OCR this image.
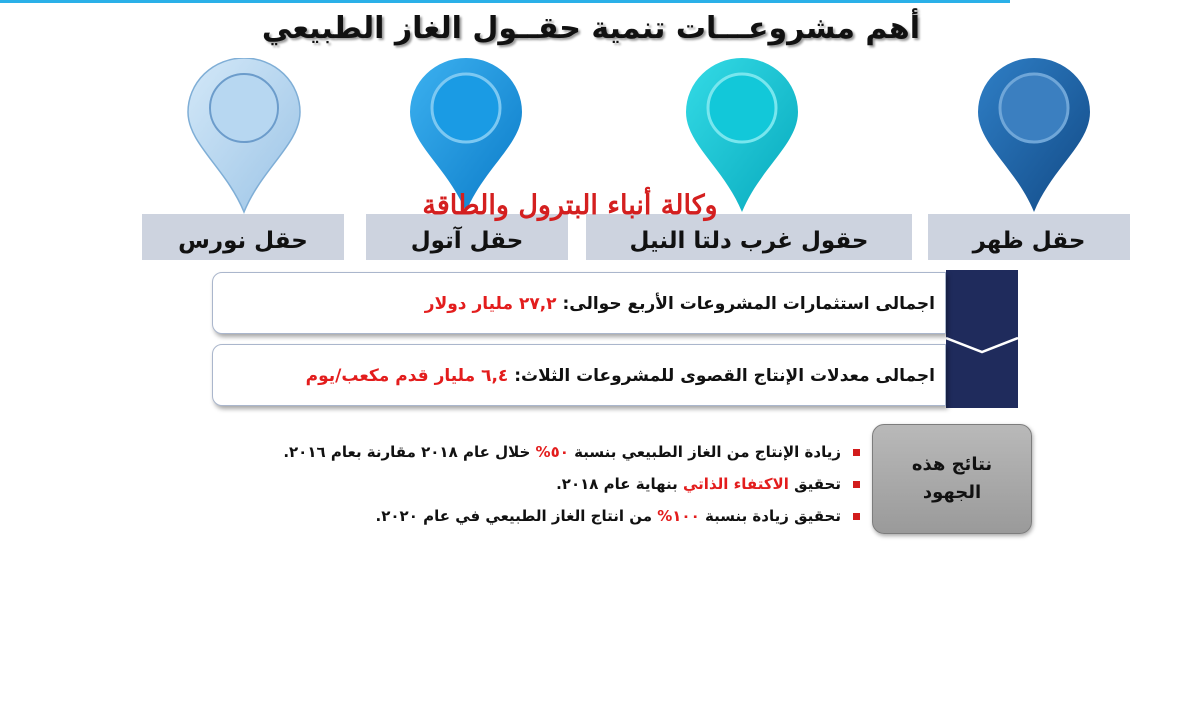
أهم مشروعـــات تنمية حقــول الغاز الطبيعي
حقل ظهر
حقول غرب دلتا النيل
حقل آتول
حقل نورس
وكالة أنباء البترول والطاقة
اجمالى استثمارات المشروعات الأربع حوالى: ٢٧,٢ مليار دولار
اجمالى معدلات الإنتاج القصوى للمشروعات الثلاث: ٦,٤ مليار قدم مكعب/يوم
نتائج هذه الجهود
زيادة الإنتاج من الغاز الطبيعي بنسبة

٥٠%

خلال عام ٢٠١٨ مقارنة بعام ٢٠١٦.
تحقيق

الاكتفاء الذاتي

بنهاية عام ٢٠١٨.
تحقيق زيادة بنسبة

١٠٠%

من انتاج الغاز الطبيعي في عام ٢٠٢٠.
